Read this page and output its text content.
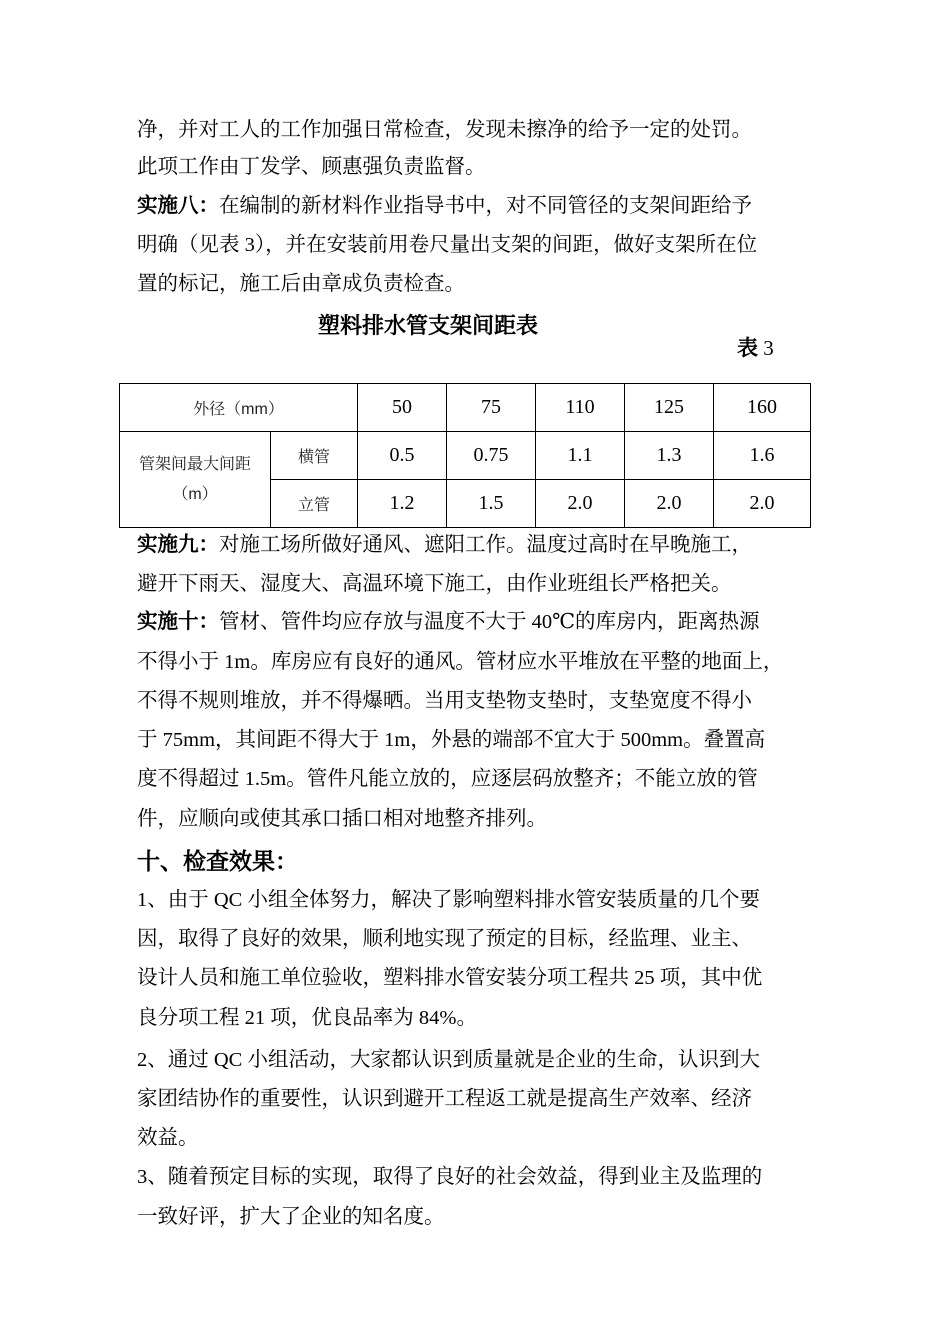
净，并对工人的工作加强日常检查，发现未擦净的给予一定的处罚。
此项工作由丁发学、顾惠强负责监督。
实施八：在编制的新材料作业指导书中，对不同管径的支架间距给予
明确（见表 3），并在安装前用卷尺量出支架的间距，做好支架所在位
置的标记，施工后由章成负责检查。
塑料排水管支架间距表
表 3
外径（mm）		50	75	110	125	160

管架间最大间距
（m）	横管	0.5	0.75	1.1	1.3	1.6
	立管	1.2	1.5	2.0	2.0	2.0
实施九：对施工场所做好通风、遮阳工作。温度过高时在早晚施工，
避开下雨天、湿度大、高温环境下施工，由作业班组长严格把关。
实施十：管材、管件均应存放与温度不大于 40℃的库房内，距离热源
不得小于 1m。库房应有良好的通风。管材应水平堆放在平整的地面上，
不得不规则堆放，并不得爆晒。当用支垫物支垫时，支垫宽度不得小
于 75mm，其间距不得大于 1m，外悬的端部不宜大于 500mm。叠置高
度不得超过 1.5m。管件凡能立放的，应逐层码放整齐；不能立放的管
件，应顺向或使其承口插口相对地整齐排列。
十、检查效果：
1、由于 QC 小组全体努力，解决了影响塑料排水管安装质量的几个要
因，取得了良好的效果，顺利地实现了预定的目标，经监理、业主、
设计人员和施工单位验收，塑料排水管安装分项工程共 25 项，其中优
良分项工程 21 项，优良品率为 84%。
2、通过 QC 小组活动，大家都认识到质量就是企业的生命，认识到大
家团结协作的重要性，认识到避开工程返工就是提高生产效率、经济
效益。
3、随着预定目标的实现，取得了良好的社会效益，得到业主及监理的
一致好评，扩大了企业的知名度。
